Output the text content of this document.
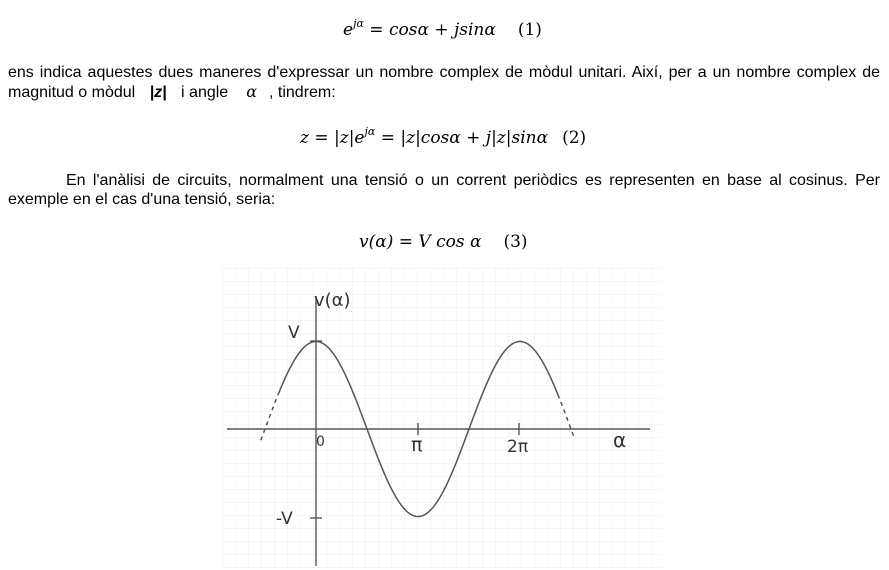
$e^{j\alpha} = \cos\alpha + jsin\alpha$ (1)
ens indica aquestes dues maneres d'expressar un nombre complex de mòdul unitari. Així, per a un nombre complex de magnitud o mòdul |z| i angle α , tindrem:
$z = |z|e^{j\alpha} = |z|\cos\alpha + j|z|\sin\alpha$ (2)
En l'anàlisi de circuits, normalment una tensió o un corrent periòdics es representen en base al cosinus. Per exemple en el cas d'una tensió, seria:
v(α) = V cos α (3)
v(α)
V
-V
0	π	2π	α
